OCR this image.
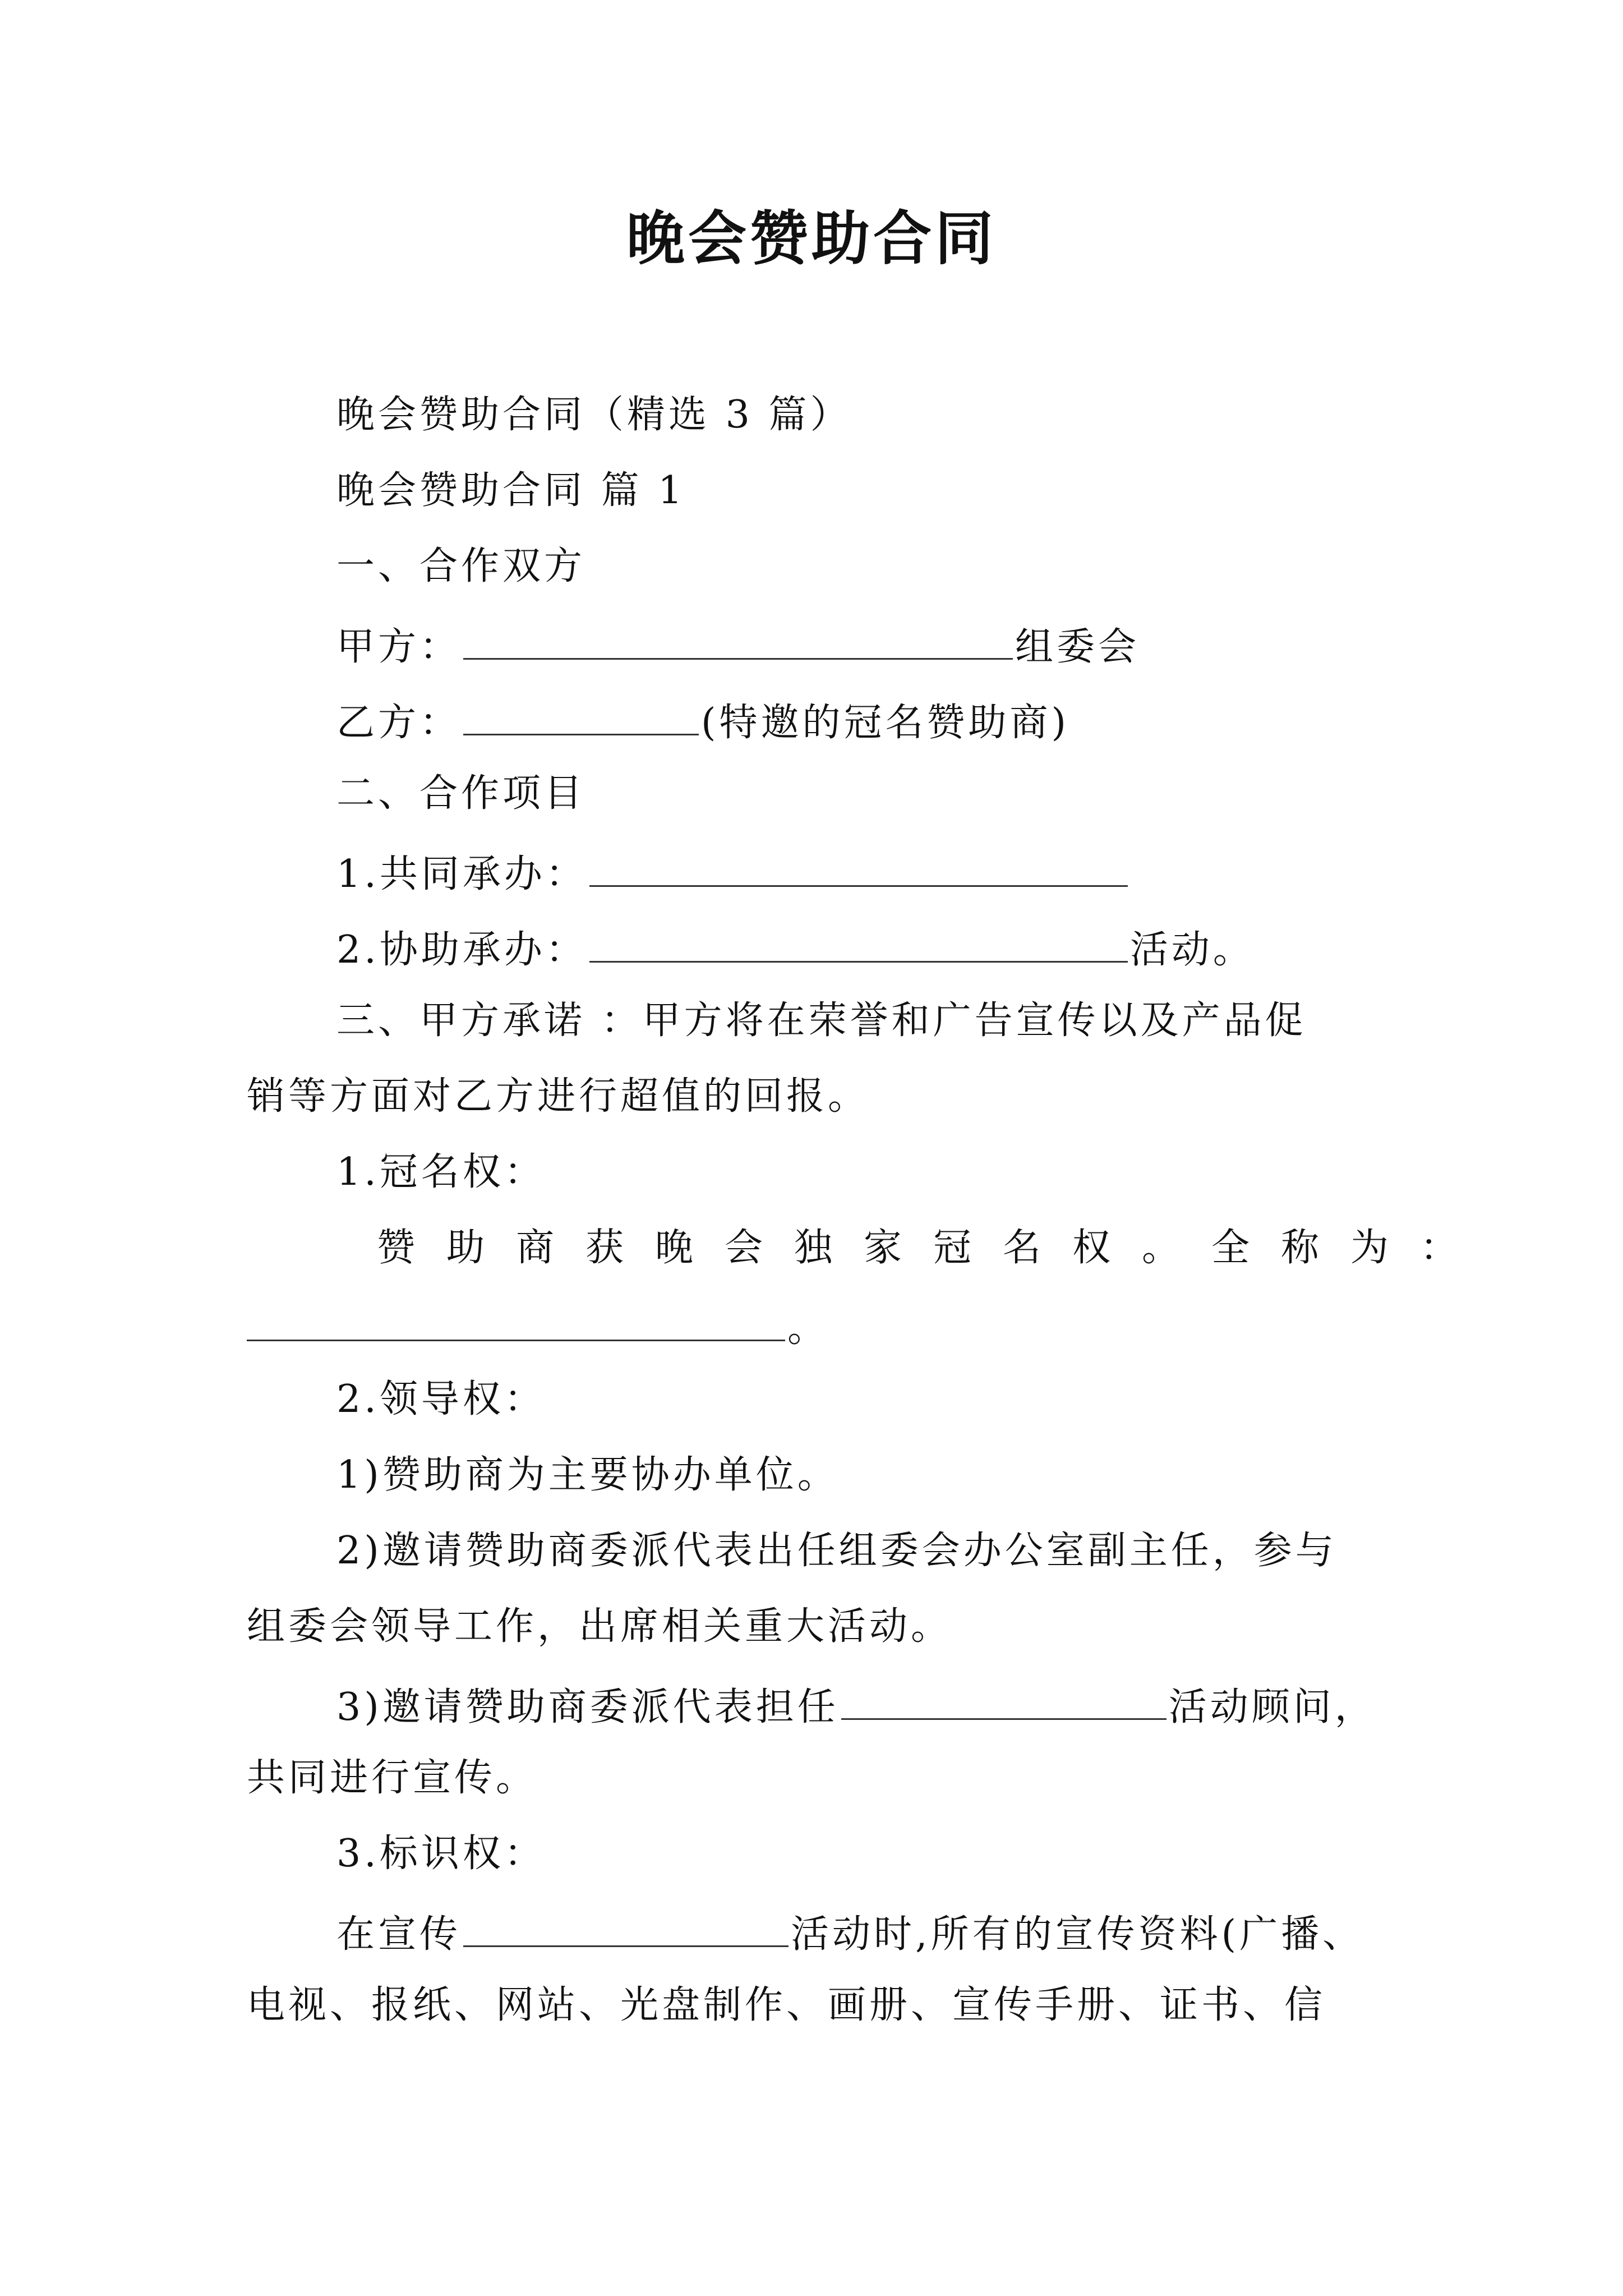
晚会赞助合同
晚会赞助合同（精选 3 篇）
晚会赞助合同 篇 1
一、合作双方
甲方：	组委会
乙方：	(特邀的冠名赞助商)
二、合作项目
1.共同承办：
2.协助承办：	活动。
三、甲方承诺 ：甲方将在荣誉和广告宣传以及产品促
销等方面对乙方进行超值的回报。
1.冠名权：
赞助商获晚会独家冠名权。全称为：
。
2.领导权：
1)赞助商为主要协办单位。
2)邀请赞助商委派代表出任组委会办公室副主任，参与
组委会领导工作，出席相关重大活动。
3)邀请赞助商委派代表担任	活动顾问，
共同进行宣传。
3.标识权：
在宣传	活动时,所有的宣传资料(广播、
电视、报纸、网站、光盘制作、画册、宣传手册、证书、信
